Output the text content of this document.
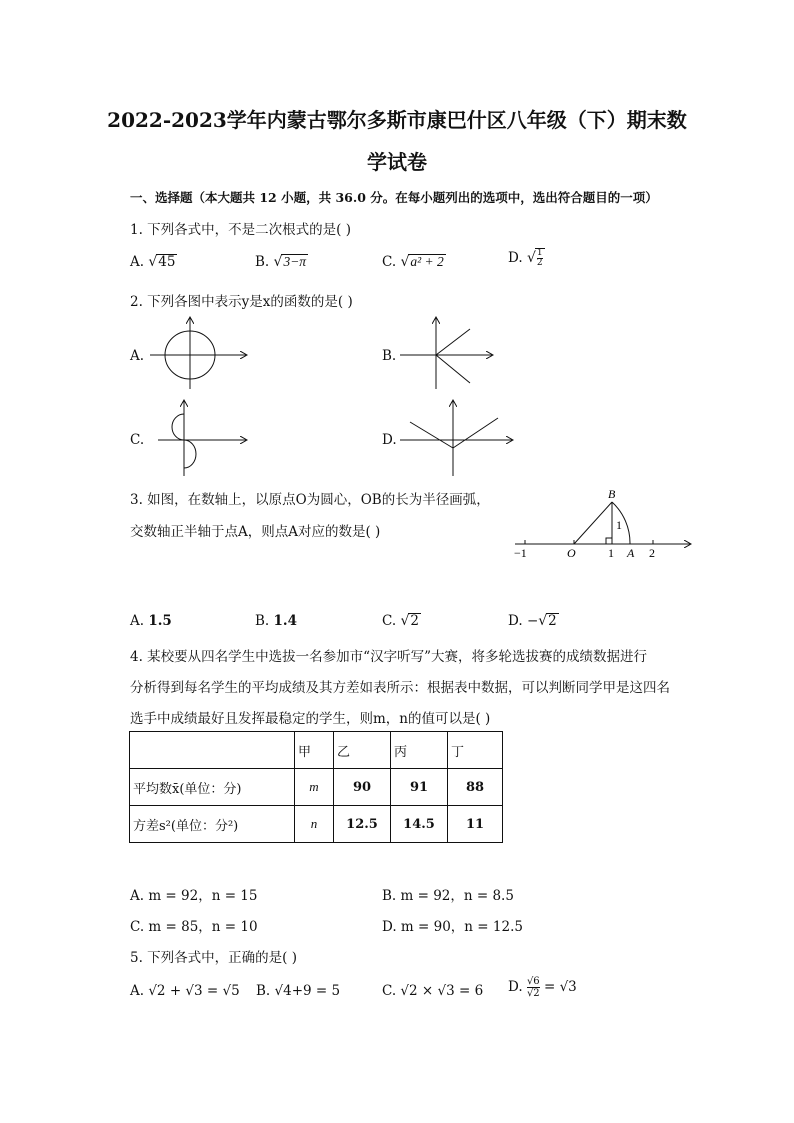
2022-2023学年内蒙古鄂尔多斯市康巴什区八年级（下）期末数
学试卷
一、选择题（本大题共 12 小题，共 36.0 分。在每小题列出的选项中，选出符合题目的一项）
1. 下列各式中，不是二次根式的是( )
A. √45	B. √3−π	C. √a² + 2	D. √ $\frac{1}{2}$
2. 下列各图中表示y是x的函数的是( )
A.	B.
C.	D.
3. 如图，在数轴上，以原点O为圆心，OB的长为半径画弧，
交数轴正半轴于点A，则点A对应的数是( )
B
1
−1	O	1 A 2
A. 1.5	B. 1.4	C. √2	D. −√2
4. 某校要从四名学生中选拔一名参加市“汉字听写”大赛，将多轮选拔赛的成绩数据进行
分析得到每名学生的平均成绩及其方差如表所示：根据表中数据，可以判断同学甲是这四名
选手中成绩最好且发挥最稳定的学生，则m，n的值可以是( )
	甲	乙	丙	丁
平均数x̄(单位：分)	m	90	91	88
方差s²(单位：分²)	n	12.5	14.5	11
A. m = 92，n = 15	B. m = 92，n = 8.5
C. m = 85，n = 10	D. m = 90，n = 12.5
5. 下列各式中，正确的是( )
A. √2 + √3 = √5 B. √4+9 = 5	C. √2 × √3 = 6 D. $\frac{√6}{√2} = √3$
